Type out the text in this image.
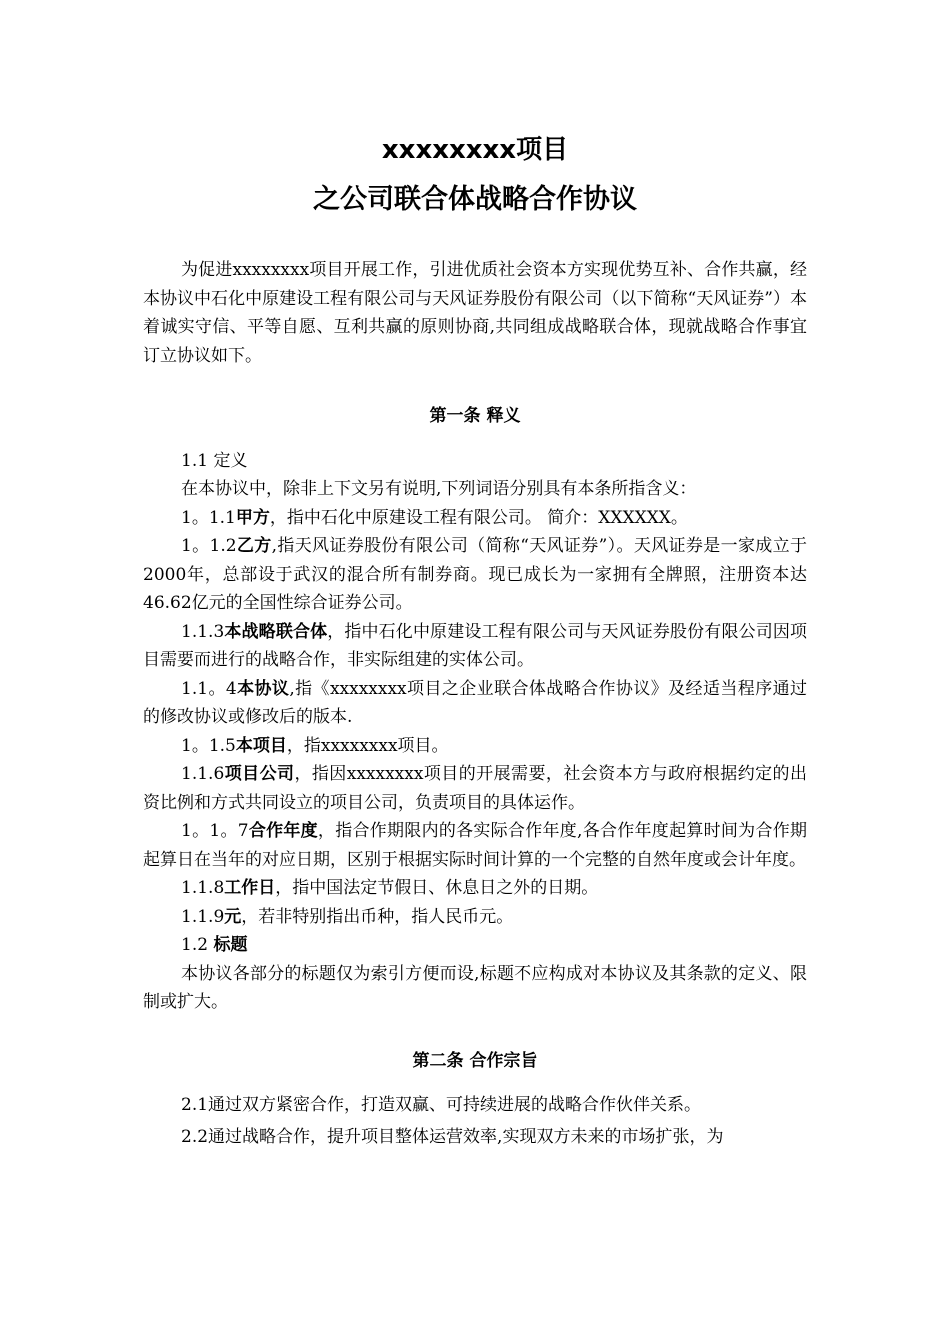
xxxxxxxx项目
之公司联合体战略合作协议

为促进xxxxxxxx项目开展工作，引进优质社会资本方实现优势互补、合作共赢，经本协议中石化中原建设工程有限公司与天风证券股份有限公司（以下简称“天风证券”）本着诚实守信、平等自愿、互利共赢的原则协商,共同组成战略联合体，现就战略合作事宜订立协议如下。

第一条 释义

1.1 定义

在本协议中，除非上下文另有说明,下列词语分别具有本条所指含义：

1。1.1甲方，指中石化中原建设工程有限公司。 简介：XXXXXX。

1。1.2乙方,指天风证券股份有限公司（简称“天风证券”）。天风证券是一家成立于2000年，总部设于武汉的混合所有制券商。现已成长为一家拥有全牌照，注册资本达46.62亿元的全国性综合证券公司。

1.1.3本战略联合体，指中石化中原建设工程有限公司与天风证券股份有限公司因项目需要而进行的战略合作，非实际组建的实体公司。

1.1。4本协议,指《xxxxxxxx项目之企业联合体战略合作协议》及经适当程序通过的修改协议或修改后的版本.

1。1.5本项目，指xxxxxxxx项目。

1.1.6项目公司，指因xxxxxxxx项目的开展需要，社会资本方与政府根据约定的出资比例和方式共同设立的项目公司，负责项目的具体运作。

1。1。7合作年度，指合作期限内的各实际合作年度,各合作年度起算时间为合作期起算日在当年的对应日期，区别于根据实际时间计算的一个完整的自然年度或会计年度。

1.1.8工作日，指中国法定节假日、休息日之外的日期。

1.1.9元，若非特别指出币种，指人民币元。

1.2 标题

本协议各部分的标题仅为索引方便而设,标题不应构成对本协议及其条款的定义、限制或扩大。

第二条 合作宗旨

2.1通过双方紧密合作，打造双赢、可持续进展的战略合作伙伴关系。

2.2通过战略合作，提升项目整体运营效率,实现双方未来的市场扩张，为
